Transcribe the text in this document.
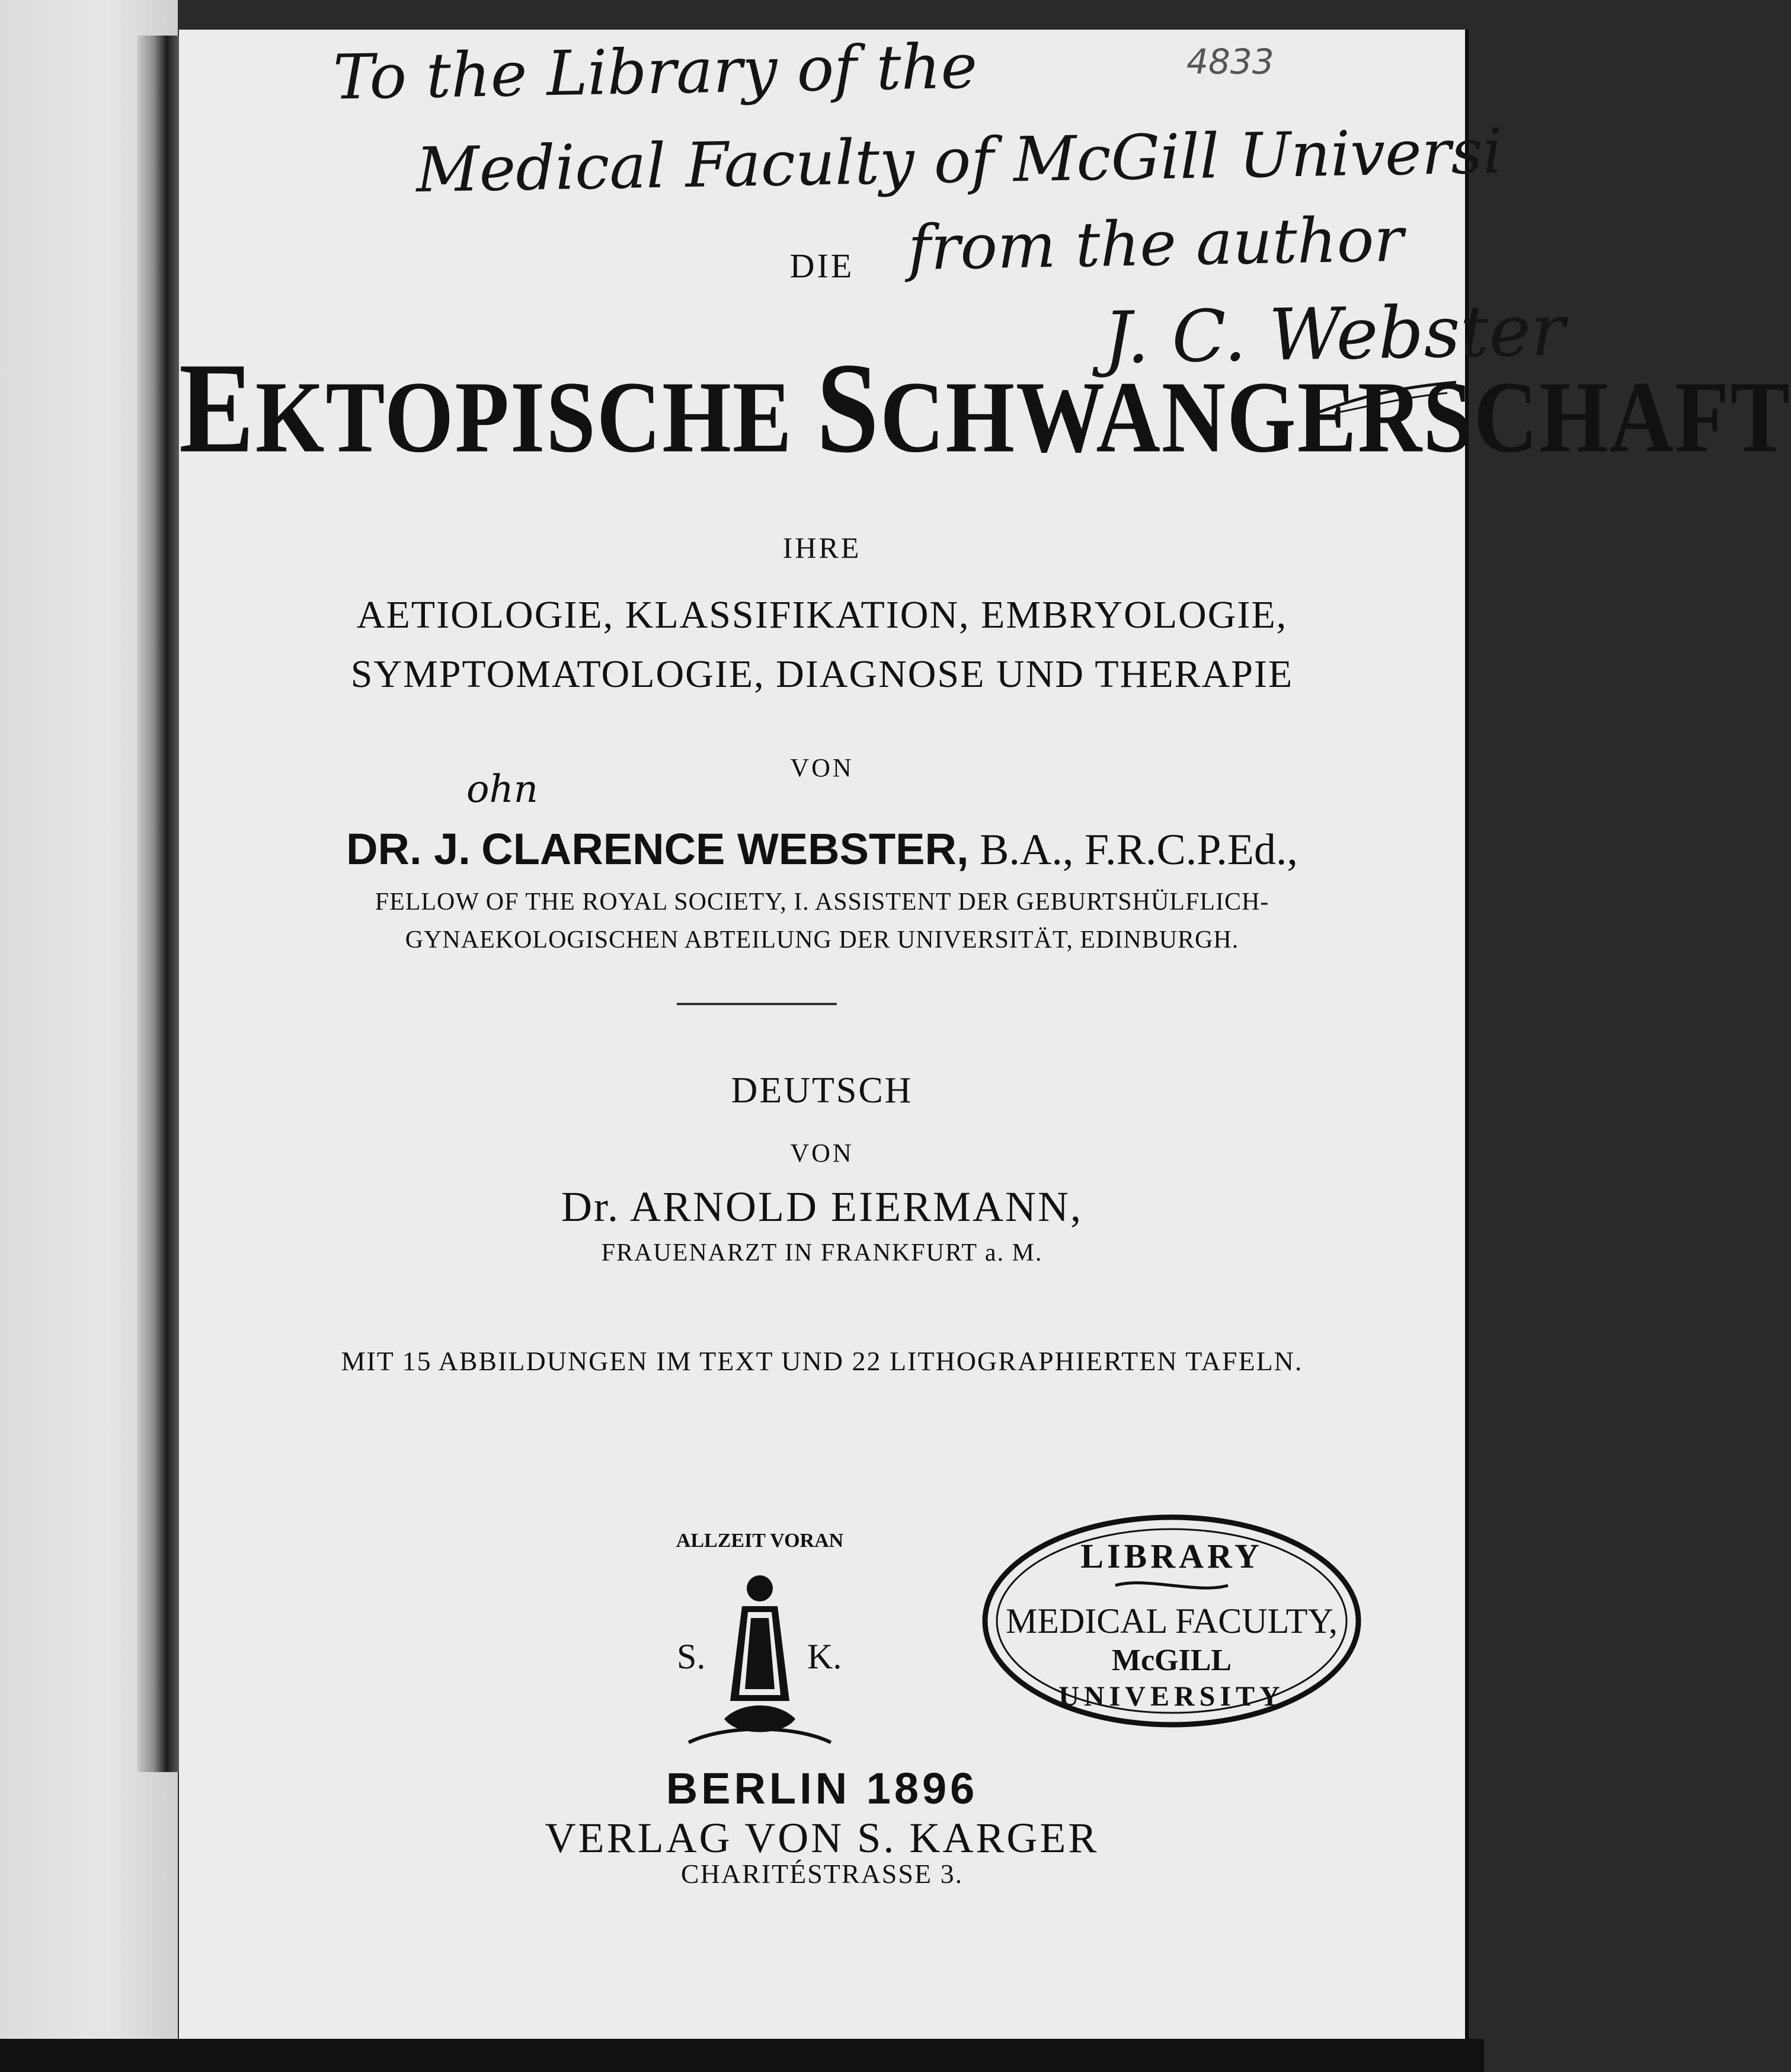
4833
To the Library of the
Medical Faculty of McGill Universi
from the author
J. C. Webster
DIE
EKTOPISCHE SCHWANGERSCHAFT
IHRE
AETIOLOGIE, KLASSIFIKATION, EMBRYOLOGIE,
SYMPTOMATOLOGIE, DIAGNOSE UND THERAPIE
VON
ohn
DR. J. CLARENCE WEBSTER, B.A., F.R.C.P.Ed.,
FELLOW OF THE ROYAL SOCIETY, I. ASSISTENT DER GEBURTSHÜLFLICH-
GYNAEKOLOGISCHEN ABTEILUNG DER UNIVERSITÄT, EDINBURGH.
DEUTSCH
VON
Dr. ARNOLD EIERMANN,
FRAUENARZT IN FRANKFURT a. M.
MIT 15 ABBILDUNGEN IM TEXT UND 22 LITHOGRAPHIERTEN TAFELN.
ALLZEIT VORAN
S.	K.
LIBRARY
MEDICAL FACULTY,
McGILL
UNIVERSITY
BERLIN 1896
VERLAG VON S. KARGER
CHARITÉSTRASSE 3.
